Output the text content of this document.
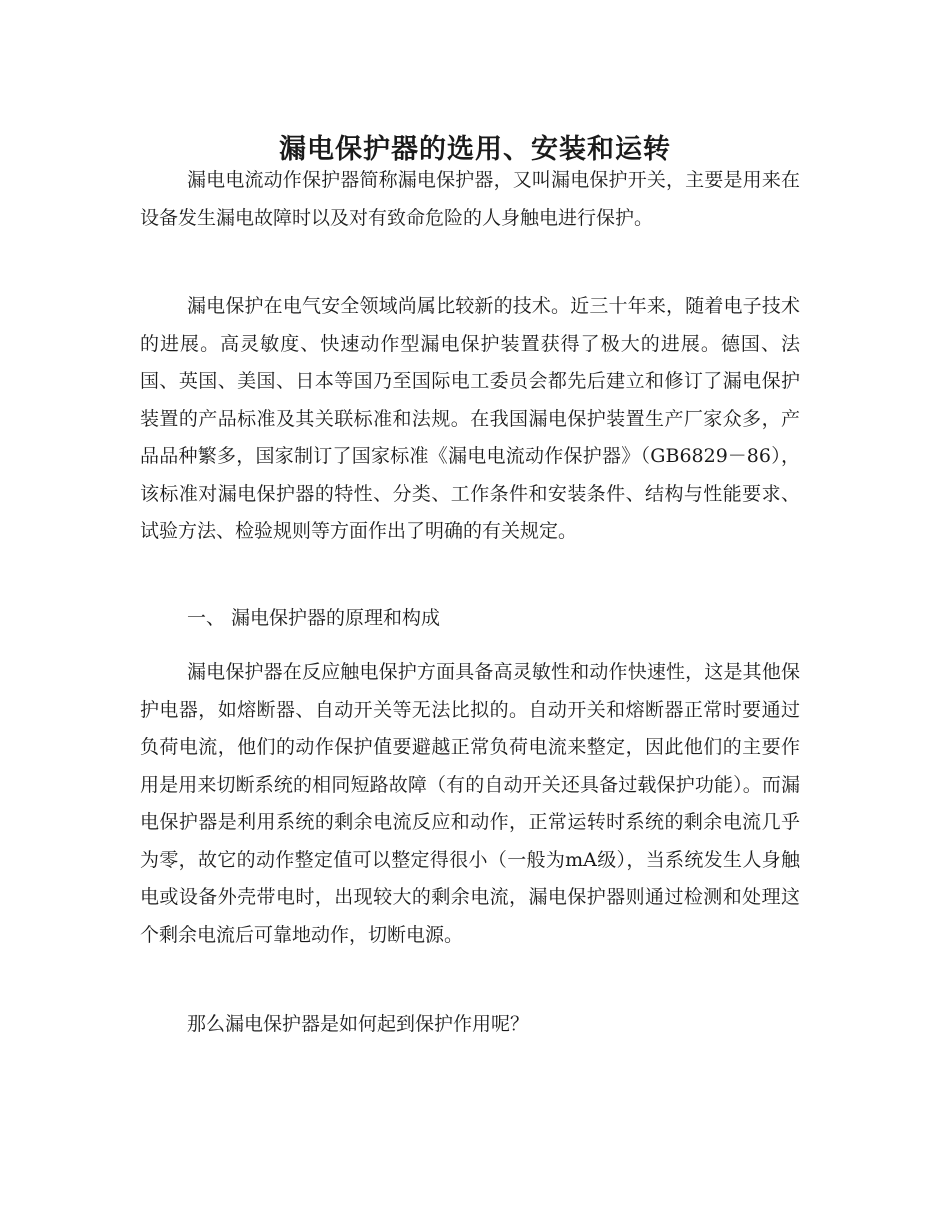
漏电保护器的选用、安装和运转

漏电电流动作保护器简称漏电保护器，又叫漏电保护开关，主要是用来在设备发生漏电故障时以及对有致命危险的人身触电进行保护。

漏电保护在电气安全领域尚属比较新的技术。近三十年来，随着电子技术的进展。高灵敏度、快速动作型漏电保护装置获得了极大的进展。德国、法国、英国、美国、日本等国乃至国际电工委员会都先后建立和修订了漏电保护装置的产品标准及其关联标准和法规。在我国漏电保护装置生产厂家众多，产品品种繁多，国家制订了国家标准《漏电电流动作保护器》（GB6829－86），该标准对漏电保护器的特性、分类、工作条件和安装条件、结构与性能要求、试验方法、检验规则等方面作出了明确的有关规定。

一、 漏电保护器的原理和构成

漏电保护器在反应触电保护方面具备高灵敏性和动作快速性，这是其他保护电器，如熔断器、自动开关等无法比拟的。自动开关和熔断器正常时要通过负荷电流，他们的动作保护值要避越正常负荷电流来整定，因此他们的主要作用是用来切断系统的相同短路故障（有的自动开关还具备过载保护功能）。而漏电保护器是利用系统的剩余电流反应和动作，正常运转时系统的剩余电流几乎为零，故它的动作整定值可以整定得很小（一般为mA级），当系统发生人身触电或设备外壳带电时，出现较大的剩余电流，漏电保护器则通过检测和处理这个剩余电流后可靠地动作，切断电源。

那么漏电保护器是如何起到保护作用呢？
